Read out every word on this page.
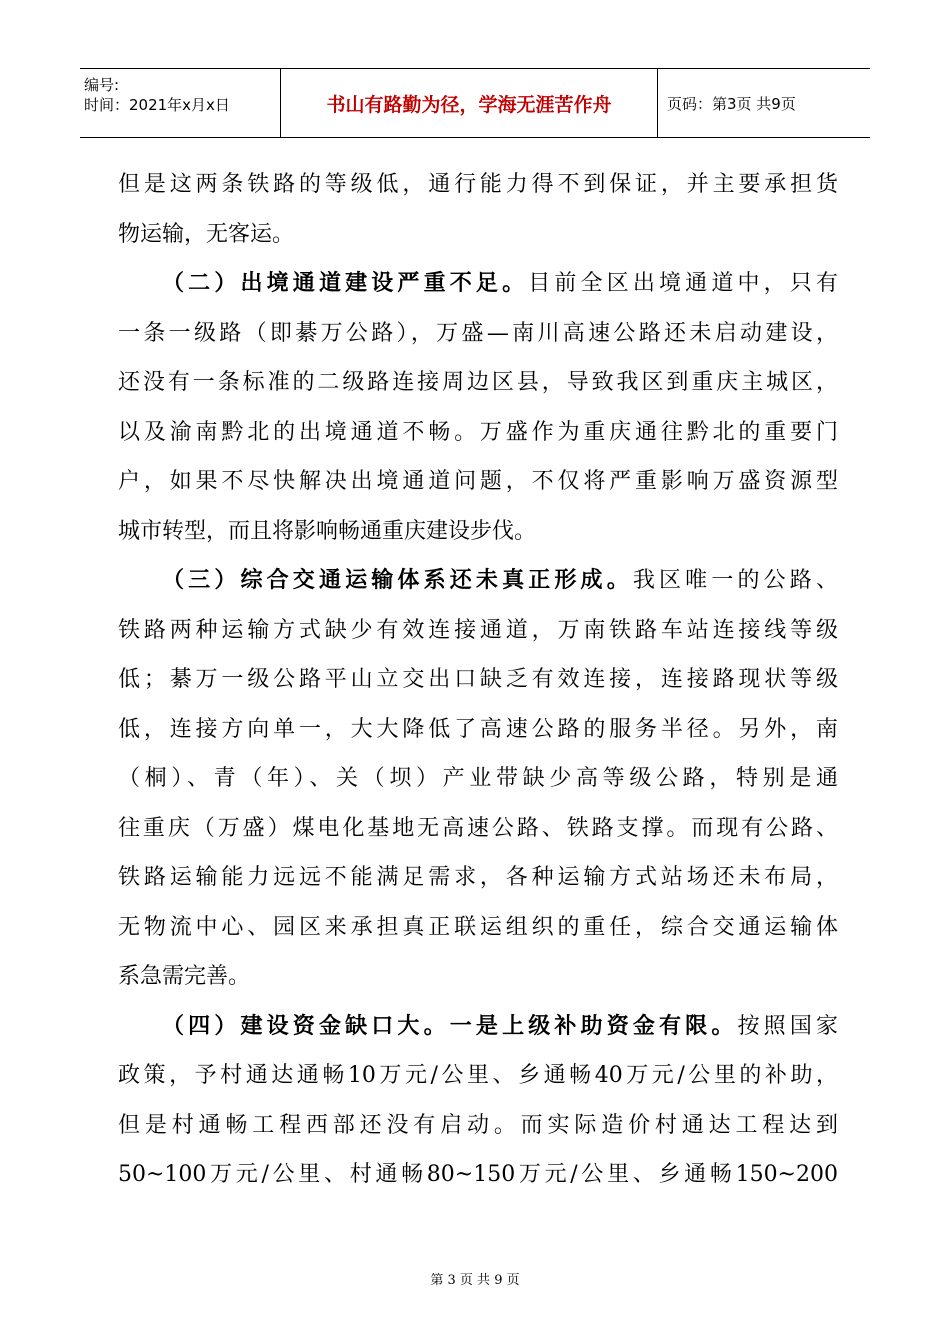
编号:
时间：2021年x月x日	书山有路勤为径，学海无涯苦作舟	页码：第3页 共9页
但是这两条铁路的等级低，通行能力得不到保证，并主要承担货
物运输，无客运。
（二）出境通道建设严重不足。目前全区出境通道中，只有
一条一级路（即綦万公路），万盛—南川高速公路还未启动建设，
还没有一条标准的二级路连接周边区县，导致我区到重庆主城区，
以及渝南黔北的出境通道不畅。万盛作为重庆通往黔北的重要门
户，如果不尽快解决出境通道问题，不仅将严重影响万盛资源型
城市转型，而且将影响畅通重庆建设步伐。
（三）综合交通运输体系还未真正形成。我区唯一的公路、
铁路两种运输方式缺少有效连接通道，万南铁路车站连接线等级
低；綦万一级公路平山立交出口缺乏有效连接，连接路现状等级
低，连接方向单一，大大降低了高速公路的服务半径。另外，南
（桐）、青（年）、关（坝）产业带缺少高等级公路，特别是通
往重庆（万盛）煤电化基地无高速公路、铁路支撑。而现有公路、
铁路运输能力远远不能满足需求，各种运输方式站场还未布局，
无物流中心、园区来承担真正联运组织的重任，综合交通运输体
系急需完善。
（四）建设资金缺口大。一是上级补助资金有限。按照国家
政策，予村通达通畅10万元/公里、乡通畅40万元/公里的补助，
但是村通畅工程西部还没有启动。而实际造价村通达工程达到
50~100万元/公里、村通畅80~150万元/公里、乡通畅150~200
第 3 页 共 9 页
